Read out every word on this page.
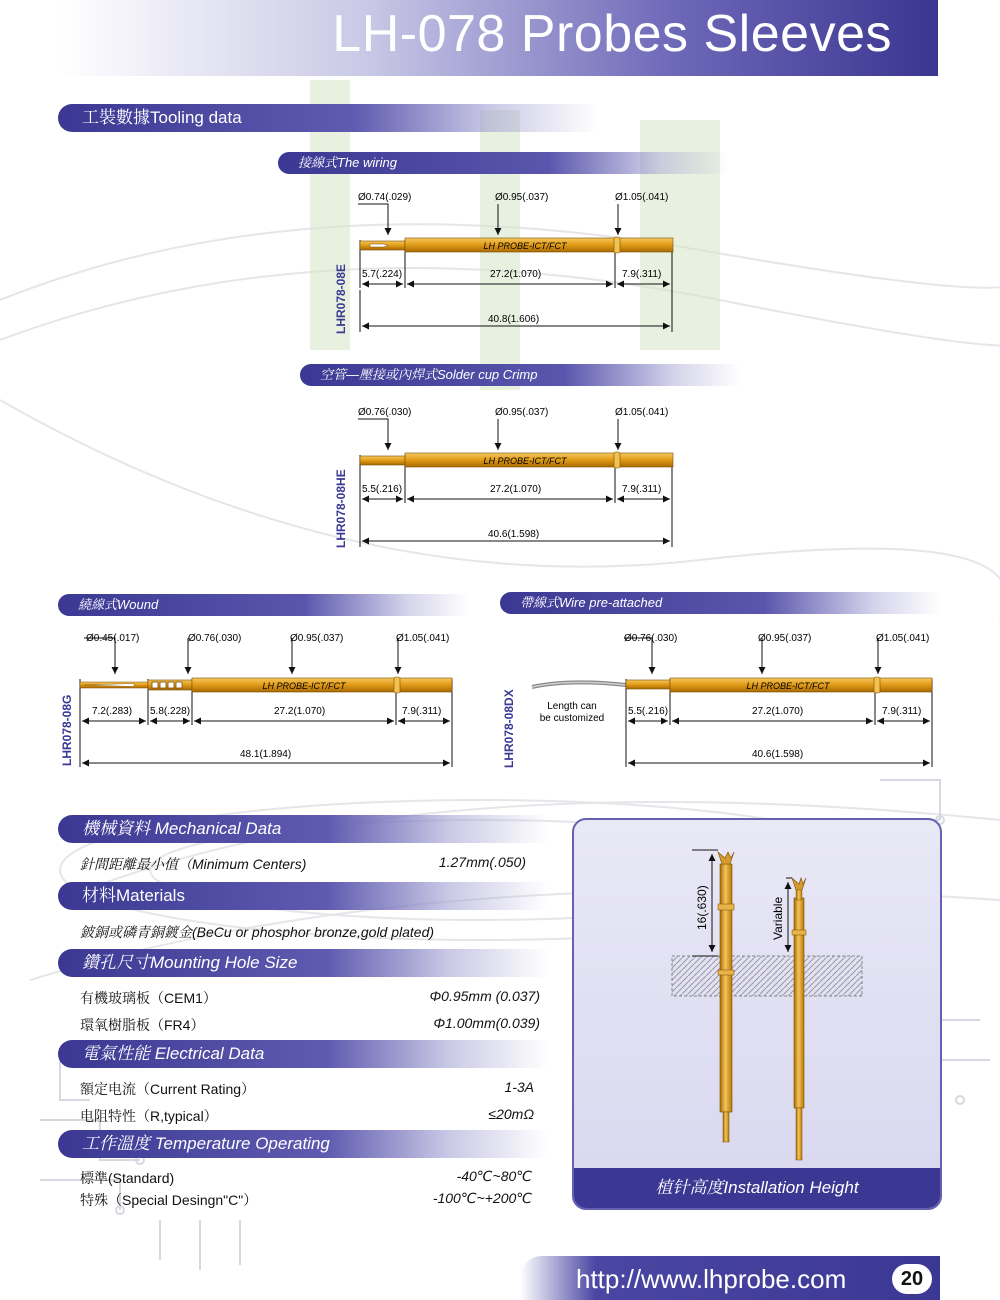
LH-078 Probes Sleeves
工裝數據Tooling data
接線式The wiring
空管—壓接或內焊式Solder cup Crimp
繞線式Wound	帶線式Wire pre-attached
LH PROBE-ICT/FCT
Ø0.74(.029)	Ø0.95(.037)	Ø1.05(.041)
5.7(.224)	27.2(1.070)	7.9(.311)
40.8(1.606)
LHR078-08E
LH PROBE-ICT/FCT
Ø0.76(.030)	Ø0.95(.037)	Ø1.05(.041)
5.5(.216)	27.2(1.070)	7.9(.311)
40.6(1.598)
LHR078-08HE
LH PROBE-ICT/FCT
Ø0.45(.017)	Ø0.76(.030)	Ø0.95(.037)	Ø1.05(.041)
7.2(.283) 5.8(.228)	27.2(1.070)	7.9(.311)
48.1(1.894)
LHR078-08G
LH PROBE-ICT/FCT
Ø0.76(.030)	Ø0.95(.037)	Ø1.05(.041)
Length can
be customized
5.5(.216)	27.2(1.070)	7.9(.311)
40.6(1.598)
LHR078-08DX
機械資料 Mechanical Data
針間距離最小值（Minimum Centers)	1.27mm(.050)
材料Materials
鈹銅或磷青銅鍍金(BeCu or phosphor bronze,gold plated)
鑽孔尺寸Mounting Hole Size
有機玻璃板（CEM1）	Φ0.95mm (0.037)
環氧樹脂板（FR4）	Φ1.00mm(0.039)
電氣性能 Electrical Data
額定电流（Current Rating）	1-3A
电阻特性（R,typical）	≤20mΩ
工作溫度 Temperature Operating
標準(Standard)	-40℃~80℃
特殊（Special Desingn"C"）	-100℃~+200℃
16(.630)	Variable
植针高度Installation Height
http://www.lhprobe.com	20
